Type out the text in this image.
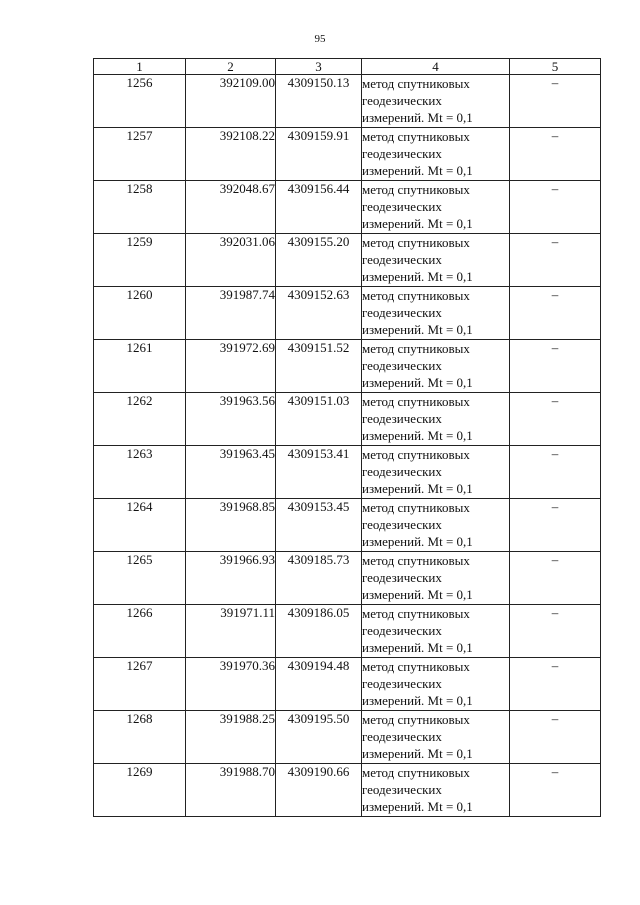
95
1	2	3	4	5
1256	392109.00	4309150.13	метод спутниковых
геодезических
измерений. Mt = 0,1	–
1257	392108.22	4309159.91	метод спутниковых
геодезических
измерений. Mt = 0,1	–
1258	392048.67	4309156.44	метод спутниковых
геодезических
измерений. Mt = 0,1	–
1259	392031.06	4309155.20	метод спутниковых
геодезических
измерений. Mt = 0,1	–
1260	391987.74	4309152.63	метод спутниковых
геодезических
измерений. Mt = 0,1	–
1261	391972.69	4309151.52	метод спутниковых
геодезических
измерений. Mt = 0,1	–
1262	391963.56	4309151.03	метод спутниковых
геодезических
измерений. Mt = 0,1	–
1263	391963.45	4309153.41	метод спутниковых
геодезических
измерений. Mt = 0,1	–
1264	391968.85	4309153.45	метод спутниковых
геодезических
измерений. Mt = 0,1	–
1265	391966.93	4309185.73	метод спутниковых
геодезических
измерений. Mt = 0,1	–
1266	391971.11	4309186.05	метод спутниковых
геодезических
измерений. Mt = 0,1	–
1267	391970.36	4309194.48	метод спутниковых
геодезических
измерений. Mt = 0,1	–
1268	391988.25	4309195.50	метод спутниковых
геодезических
измерений. Mt = 0,1	–
1269	391988.70	4309190.66	метод спутниковых
геодезических
измерений. Mt = 0,1	–
